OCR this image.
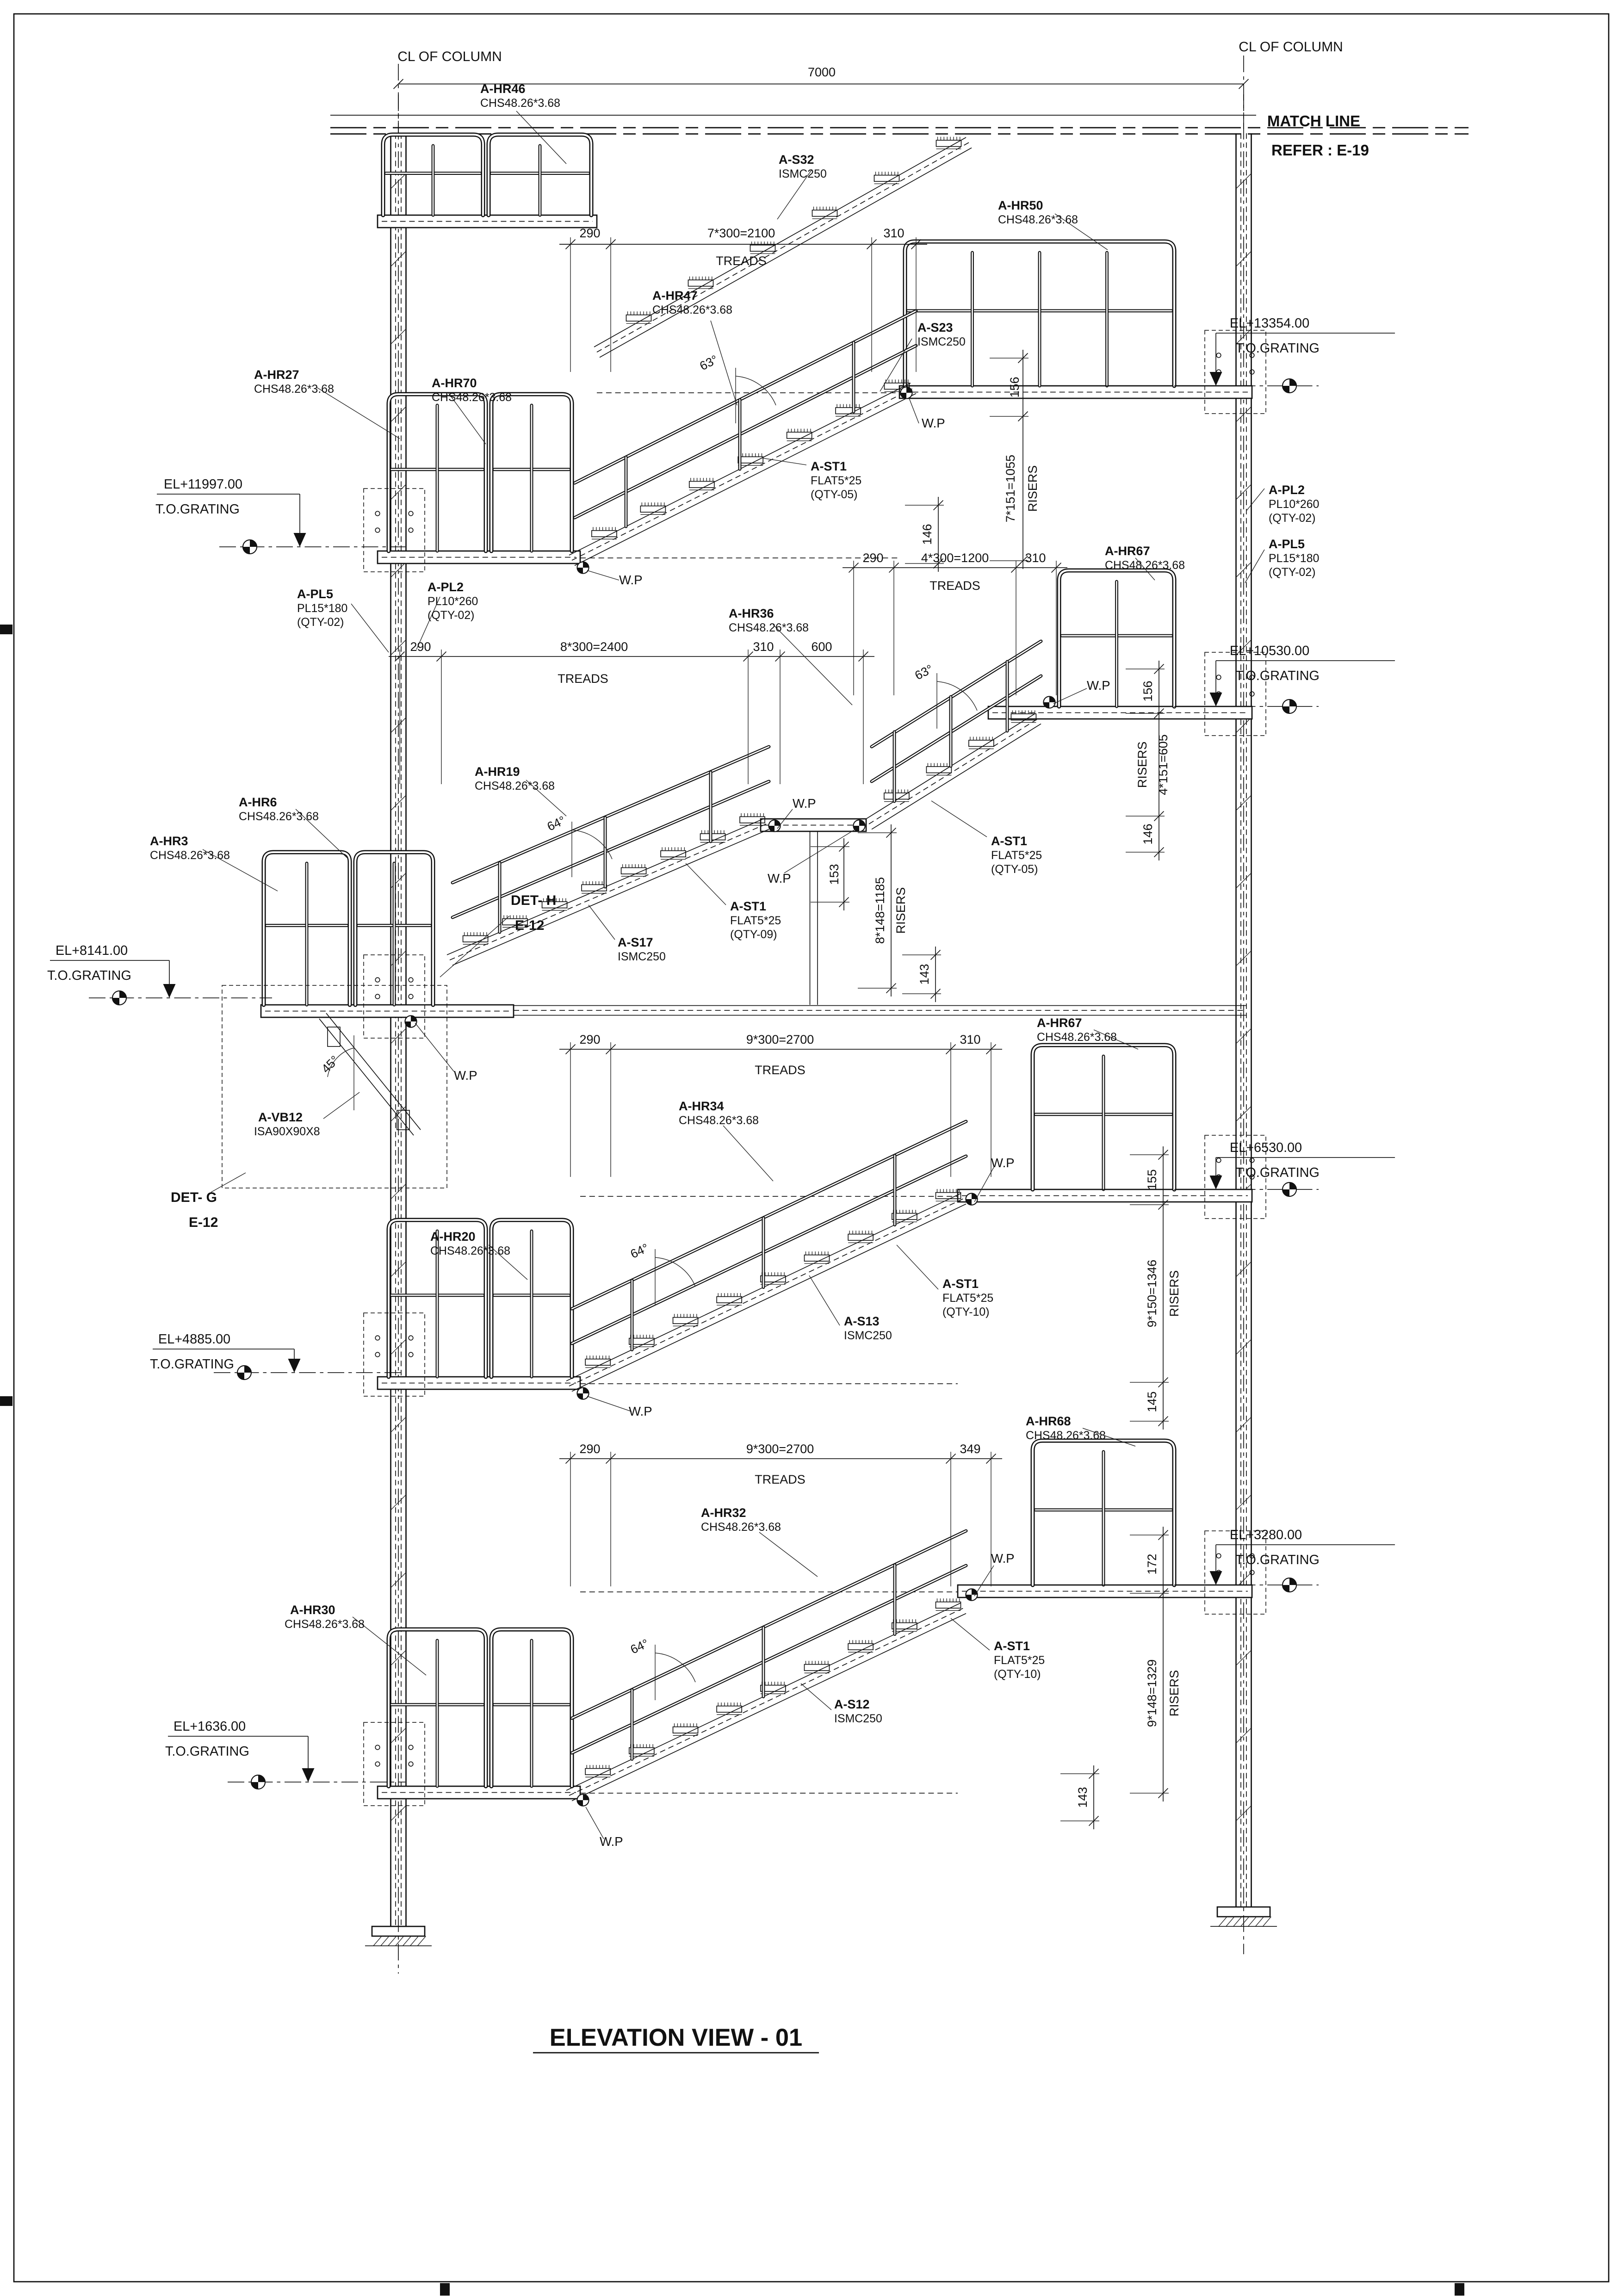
CL OF COLUMN
CL OF COLUMN
7000
MATCH LINE
REFER : E-19
A-HR46
CHS48.26*3.68
A-S32
ISMC250
290	7*300=2100	310
TREADS
A-HR50
CHS48.26*3.68
A-HR47
CHS48.26*3.68
63°
A-S23
ISMC250
W.P
156
7*151=1055 RISERS
146
A-HR27
CHS48.26*3.68	A-HR70
CHS48.26*3.68
EL+13354.00
T.O.GRATING
EL+11997.00
T.O.GRATING
A-ST1
FLAT5*25
(QTY-05)
W.P
A-PL2
PL10*260
(QTY-02)
A-PL5
PL15*180
(QTY-02)
A-PL5
PL15*180
(QTY-02)
A-PL2
PL10*260
(QTY-02)
290	4*300=1200	310
TREADS
A-HR67
CHS48.26*3.68
A-HR36
CHS48.26*3.68
290	8*300=2400	310	600
TREADS	63°
EL+10530.00
T.O.GRATING
W.P	156
RISERS 4*151=605
146
A-HR19
CHS48.26*3.68
64°
A-HR6
CHS48.26*3.68
A-HR3
CHS48.26*3.68
W.P
W.P
A-ST1
FLAT5*25
(QTY-05)
153
8*148=1185 RISERS
143
DET- H
E-12
A-ST1
FLAT5*25
(QTY-09)
A-S17
ISMC250
EL+8141.00
T.O.GRATING
W.P
45°
A-VB12
ISA90X90X8
DET- G
E-12
290	9*300=2700	310
TREADS
A-HR67
CHS48.26*3.68
A-HR34
CHS48.26*3.68
EL+6530.00
T.O.GRATING
W.P
155
9*150=1346 RISERS
145
A-HR20
CHS48.26*3.68	64°
A-ST1
FLAT5*25
(QTY-10)
A-S13
ISMC250
EL+4885.00
T.O.GRATING
W.P
A-HR68
CHS48.26*3.68
290	9*300=2700	349
TREADS
A-HR32
CHS48.26*3.68
EL+3280.00
T.O.GRATING
W.P	172
9*148=1329 RISERS
143
A-HR30
CHS48.26*3.68
64°	A-ST1
FLAT5*25
(QTY-10)
A-S12
ISMC250
EL+1636.00
T.O.GRATING
W.P
ELEVATION VIEW - 01
